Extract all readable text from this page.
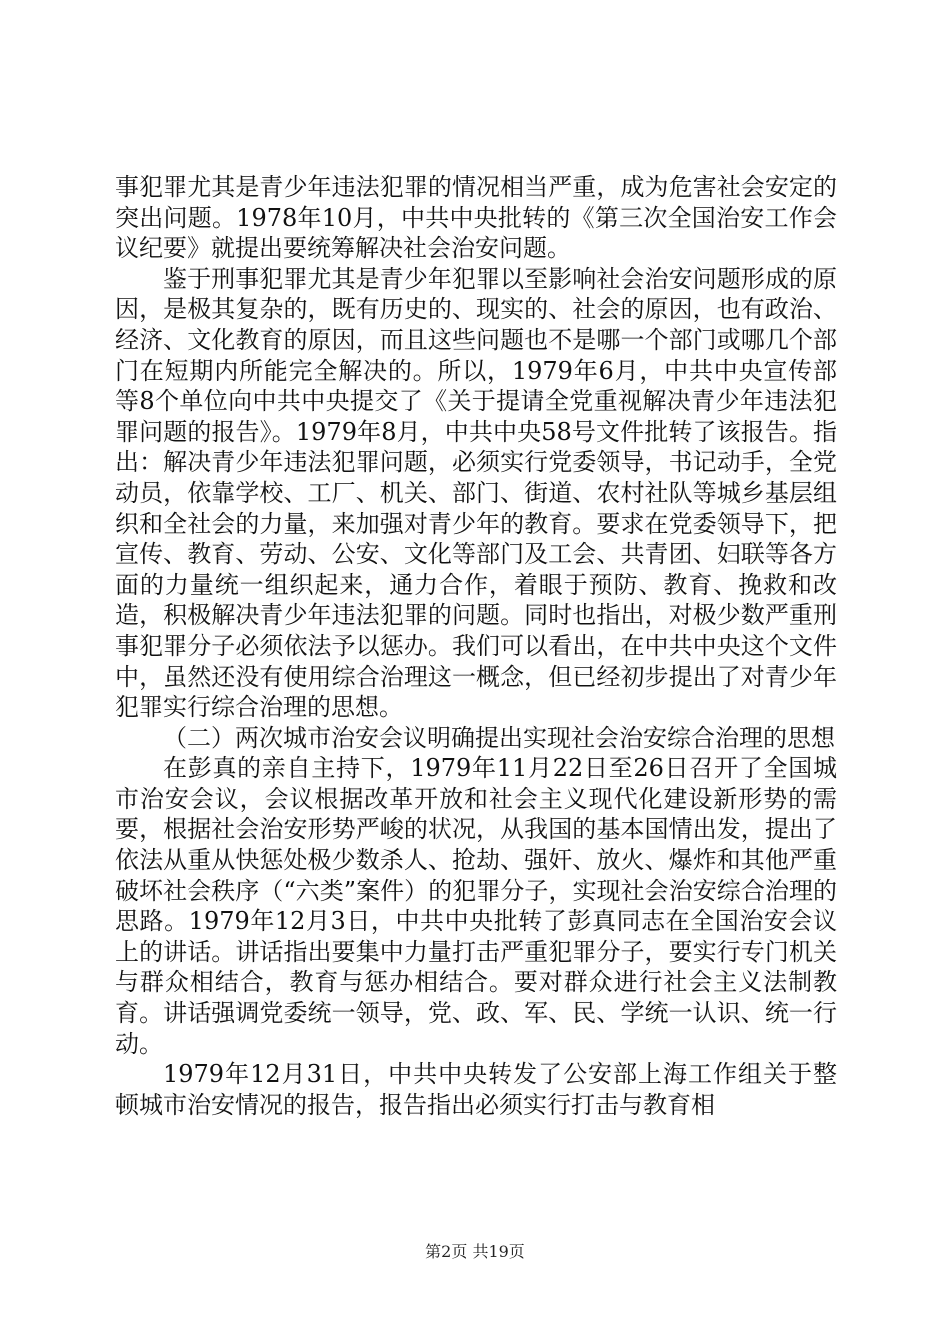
事犯罪尤其是青少年违法犯罪的情况相当严重，成为危害社会安定的突出问题。1978年10月，中共中央批转的《第三次全国治安工作会议纪要》就提出要统筹解决社会治安问题。

鉴于刑事犯罪尤其是青少年犯罪以至影响社会治安问题形成的原因，是极其复杂的，既有历史的、现实的、社会的原因，也有政治、经济、文化教育的原因，而且这些问题也不是哪一个部门或哪几个部门在短期内所能完全解决的。所以，1979年6月，中共中央宣传部等8个单位向中共中央提交了《关于提请全党重视解决青少年违法犯罪问题的报告》。1979年8月，中共中央58号文件批转了该报告。指出：解决青少年违法犯罪问题，必须实行党委领导，书记动手，全党动员，依靠学校、工厂、机关、部门、街道、农村社队等城乡基层组织和全社会的力量，来加强对青少年的教育。要求在党委领导下，把宣传、教育、劳动、公安、文化等部门及工会、共青团、妇联等各方面的力量统一组织起来，通力合作，着眼于预防、教育、挽救和改造，积极解决青少年违法犯罪的问题。同时也指出，对极少数严重刑事犯罪分子必须依法予以惩办。我们可以看出，在中共中央这个文件中，虽然还没有使用综合治理这一概念，但已经初步提出了对青少年犯罪实行综合治理的思想。

（二）两次城市治安会议明确提出实现社会治安综合治理的思想

在彭真的亲自主持下，1979年11月22日至26日召开了全国城市治安会议，会议根据改革开放和社会主义现代化建设新形势的需要，根据社会治安形势严峻的状况，从我国的基本国情出发，提出了依法从重从快惩处极少数杀人、抢劫、强奸、放火、爆炸和其他严重破坏社会秩序（“六类”案件）的犯罪分子，实现社会治安综合治理的思路。1979年12月3日，中共中央批转了彭真同志在全国治安会议上的讲话。讲话指出要集中力量打击严重犯罪分子，要实行专门机关与群众相结合，教育与惩办相结合。要对群众进行社会主义法制教育。讲话强调党委统一领导，党、政、军、民、学统一认识、统一行动。

1979年12月31日，中共中央转发了公安部上海工作组关于整顿城市治安情况的报告，报告指出必须实行打击与教育相

第2页 共19页
